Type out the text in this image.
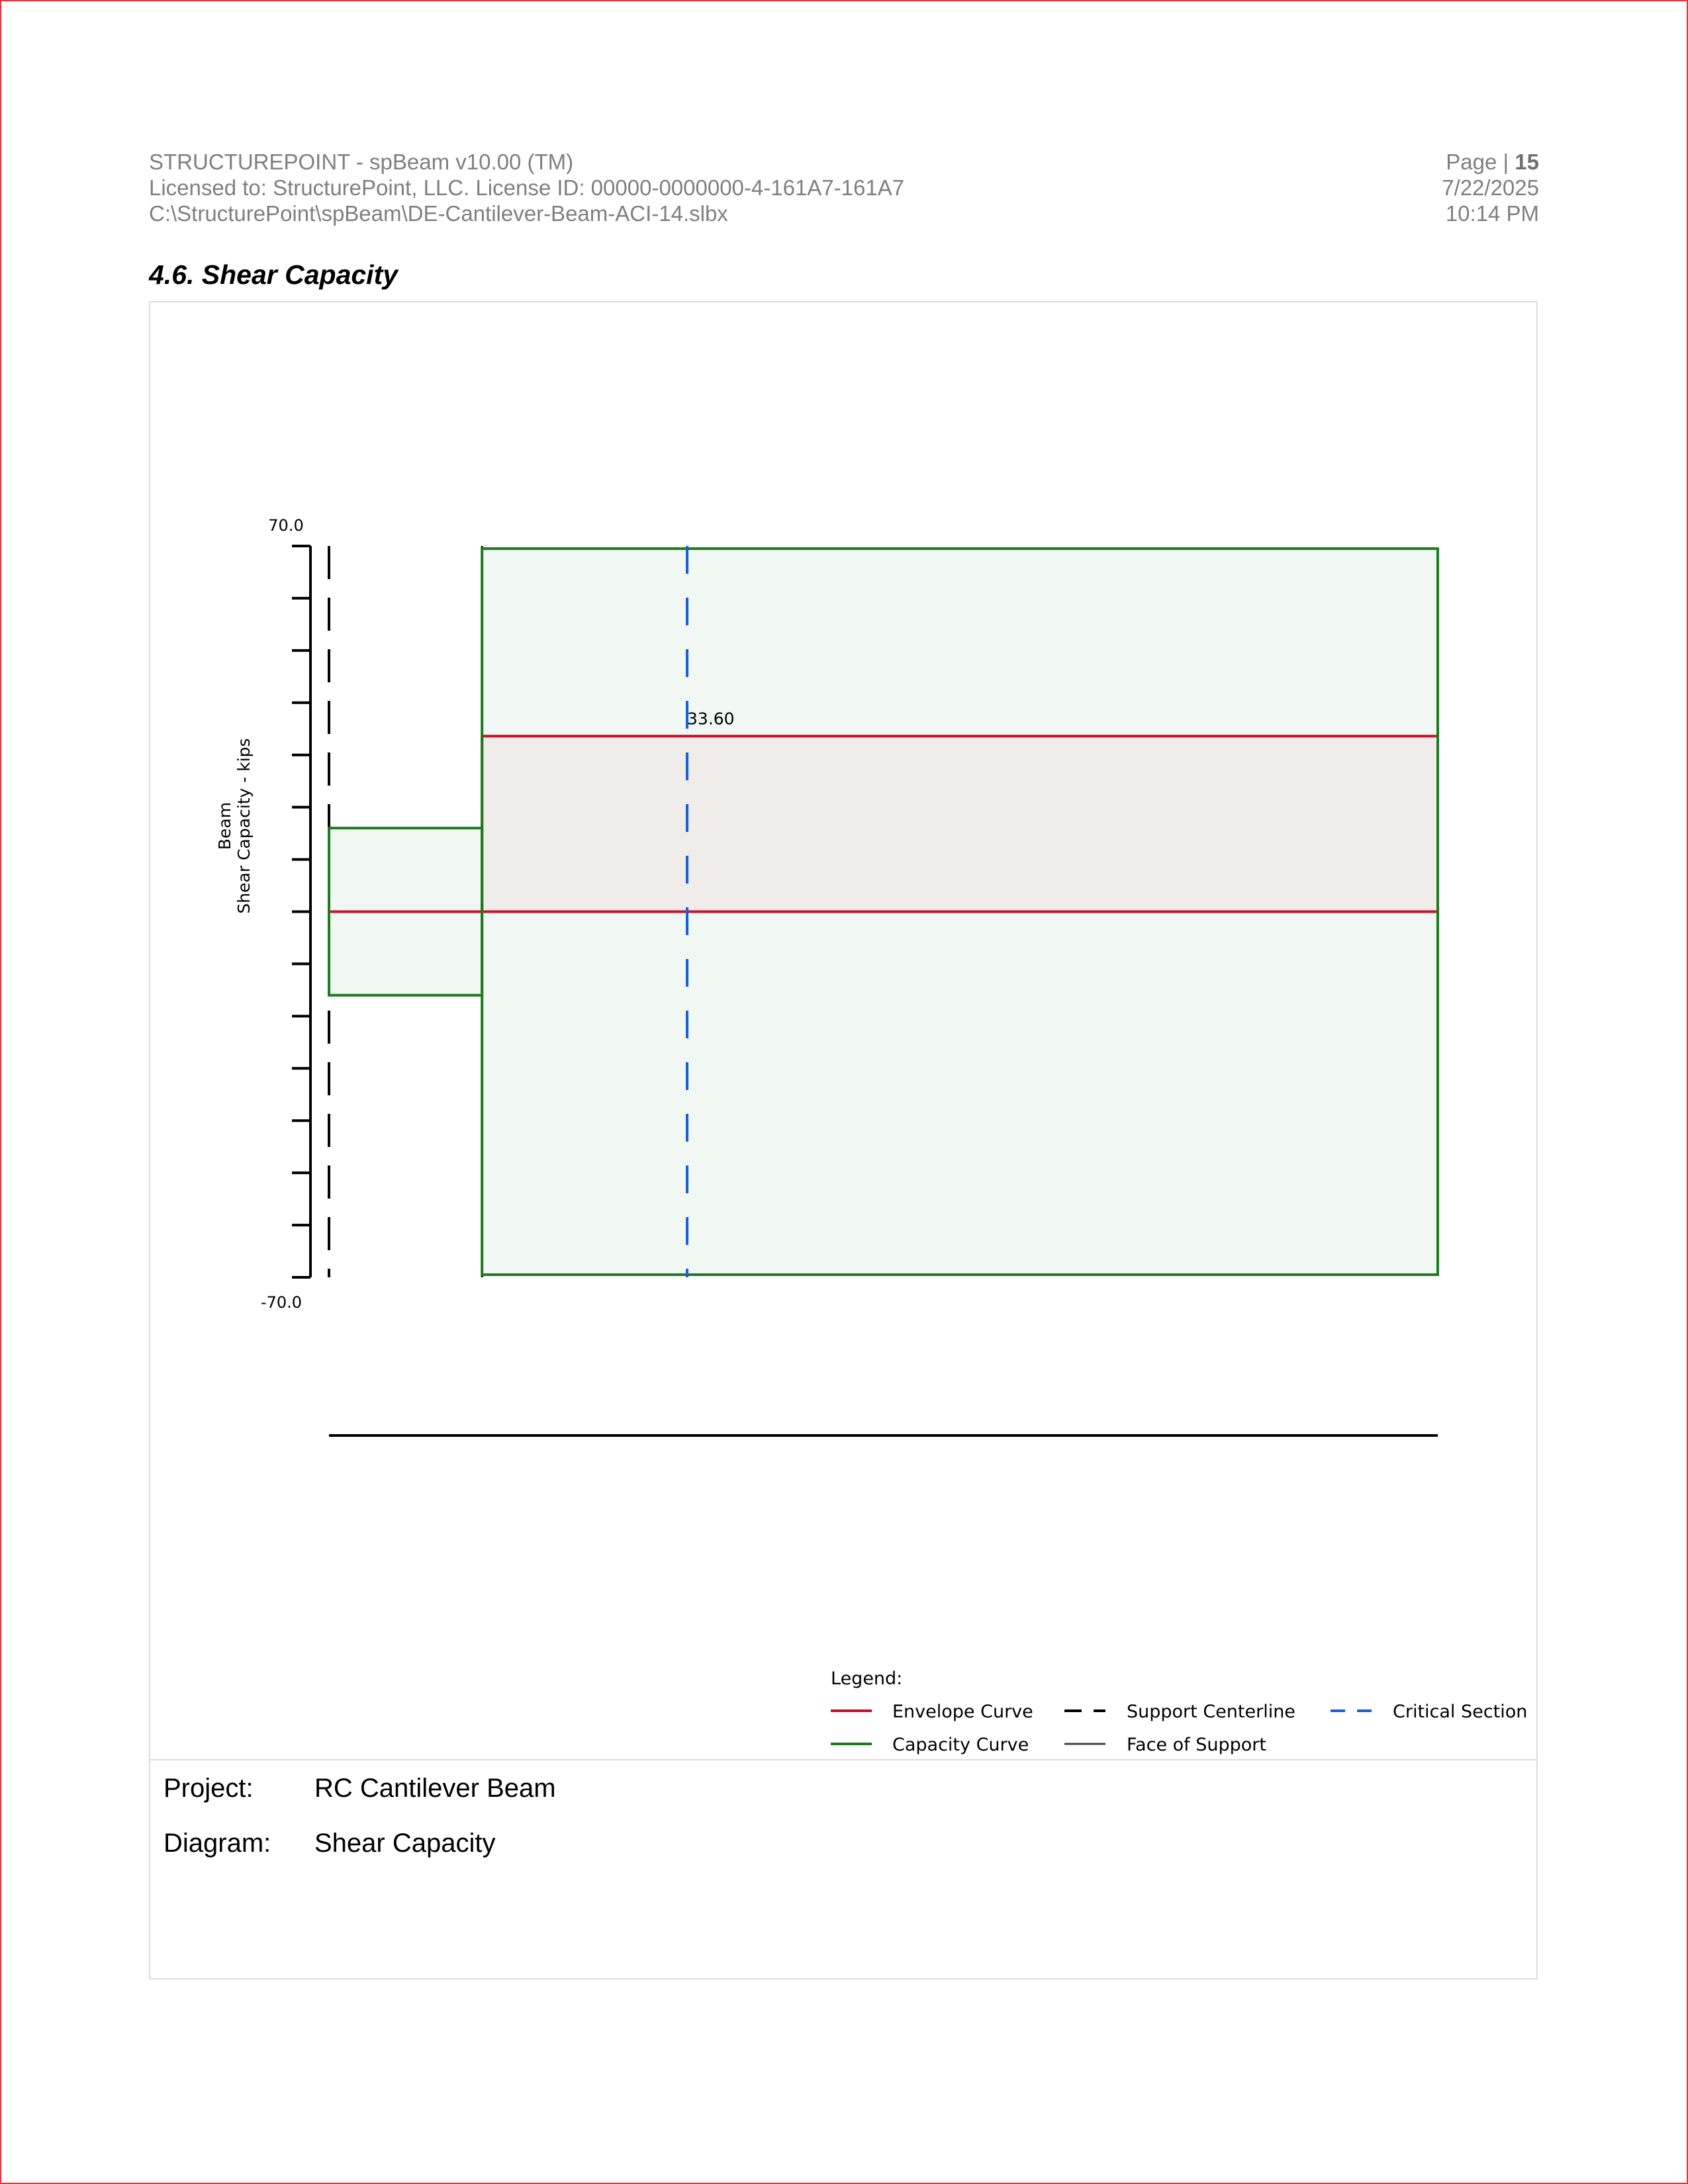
STRUCTUREPOINT - spBeam v10.00 (TM)
Licensed to: StructurePoint, LLC. License ID: 00000-0000000-4-161A7-161A7
C:\StructurePoint\spBeam\DE-Cantilever-Beam-ACI-14.slbx
Page | 15
7/22/2025
10:14 PM
4.6. Shear Capacity
Beam Shear Capacity - kips
70.0
-70.0
33.60
Legend:
Envelope Curve	Support Centerline	Critical Section
Capacity Curve	Face of Support
Project: RC Cantilever Beam
Diagram: Shear Capacity
